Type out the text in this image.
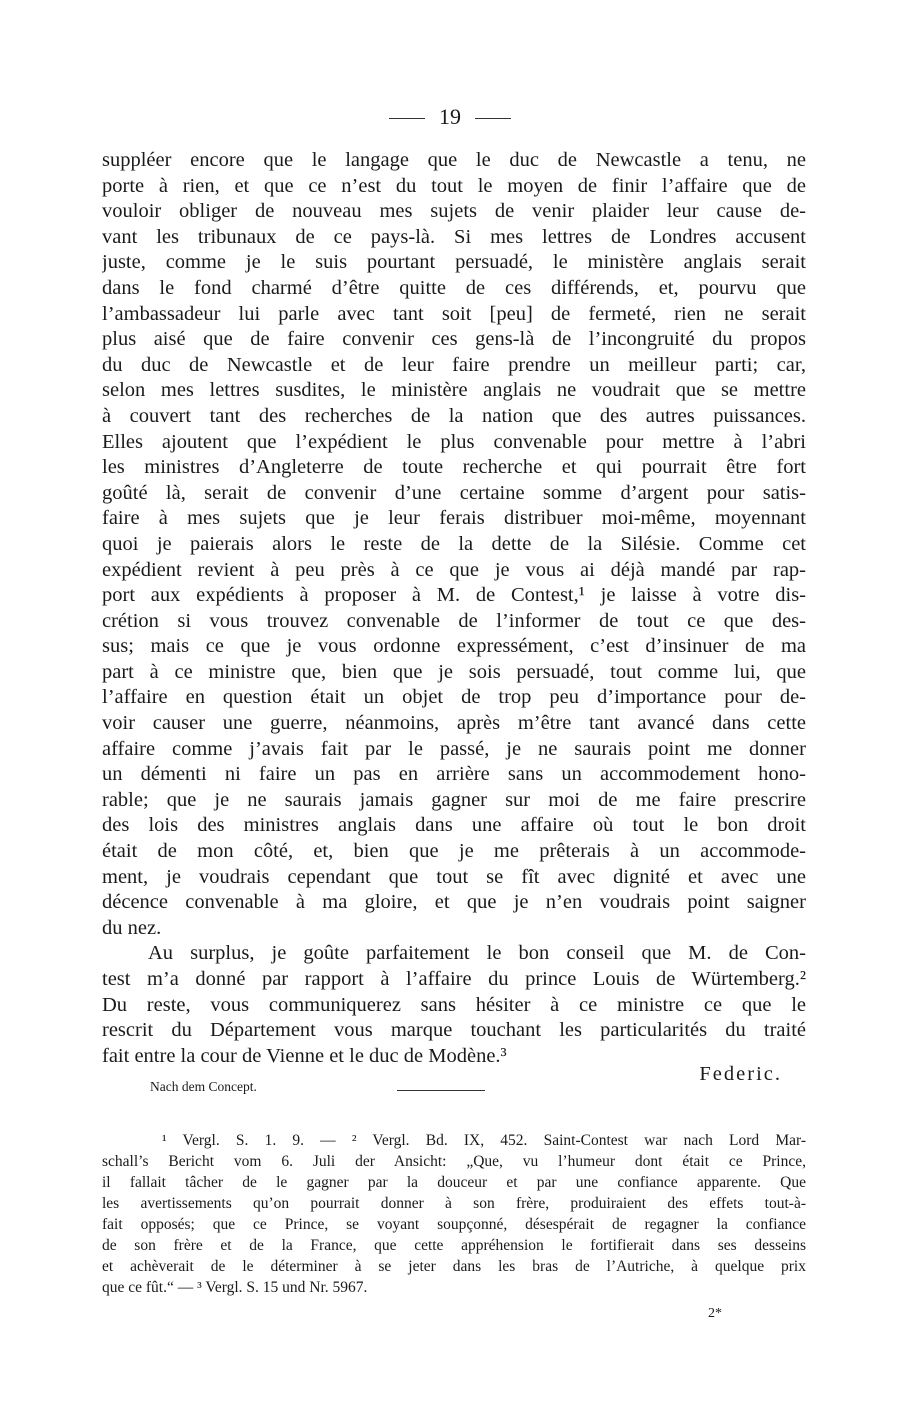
19
suppléer encore que le langage que le duc de Newcastle a tenu, ne
porte à rien, et que ce n’est du tout le moyen de finir l’affaire que de
vouloir obliger de nouveau mes sujets de venir plaider leur cause de-
vant les tribunaux de ce pays-là. Si mes lettres de Londres accusent
juste, comme je le suis pourtant persuadé, le ministère anglais serait
dans le fond charmé d’être quitte de ces différends, et, pourvu que
l’ambassadeur lui parle avec tant soit [peu] de fermeté, rien ne serait
plus aisé que de faire convenir ces gens-là de l’incongruité du propos
du duc de Newcastle et de leur faire prendre un meilleur parti; car,
selon mes lettres susdites, le ministère anglais ne voudrait que se mettre
à couvert tant des recherches de la nation que des autres puissances.
Elles ajoutent que l’expédient le plus convenable pour mettre à l’abri
les ministres d’Angleterre de toute recherche et qui pourrait être fort
goûté là, serait de convenir d’une certaine somme d’argent pour satis-
faire à mes sujets que je leur ferais distribuer moi-même, moyennant
quoi je paierais alors le reste de la dette de la Silésie. Comme cet
expédient revient à peu près à ce que je vous ai déjà mandé par rap-
port aux expédients à proposer à M. de Contest,¹ je laisse à votre dis-
crétion si vous trouvez convenable de l’informer de tout ce que des-
sus; mais ce que je vous ordonne expressément, c’est d’insinuer de ma
part à ce ministre que, bien que je sois persuadé, tout comme lui, que
l’affaire en question était un objet de trop peu d’importance pour de-
voir causer une guerre, néanmoins, après m’être tant avancé dans cette
affaire comme j’avais fait par le passé, je ne saurais point me donner
un démenti ni faire un pas en arrière sans un accommodement hono-
rable; que je ne saurais jamais gagner sur moi de me faire prescrire
des lois des ministres anglais dans une affaire où tout le bon droit
était de mon côté, et, bien que je me prêterais à un accommode-
ment, je voudrais cependant que tout se fît avec dignité et avec une
décence convenable à ma gloire, et que je n’en voudrais point saigner
du nez.
Au surplus, je goûte parfaitement le bon conseil que M. de Con-
test m’a donné par rapport à l’affaire du prince Louis de Würtemberg.²
Du reste, vous communiquerez sans hésiter à ce ministre ce que le
rescrit du Département vous marque touchant les particularités du traité
fait entre la cour de Vienne et le duc de Modène.³
Nach dem Concept.
Federic.
¹ Vergl. S. 1. 9. — ² Vergl. Bd. IX, 452. Saint-Contest war nach Lord Mar-
schall’s Bericht vom 6. Juli der Ansicht: „Que, vu l’humeur dont était ce Prince,
il fallait tâcher de le gagner par la douceur et par une confiance apparente. Que
les avertissements qu’on pourrait donner à son frère, produiraient des effets tout-à-
fait opposés; que ce Prince, se voyant soupçonné, désespérait de regagner la confiance
de son frère et de la France, que cette appréhension le fortifierait dans ses desseins
et achèverait de le déterminer à se jeter dans les bras de l’Autriche, à quelque prix
que ce fût.“ — ³ Vergl. S. 15 und Nr. 5967.
2*
